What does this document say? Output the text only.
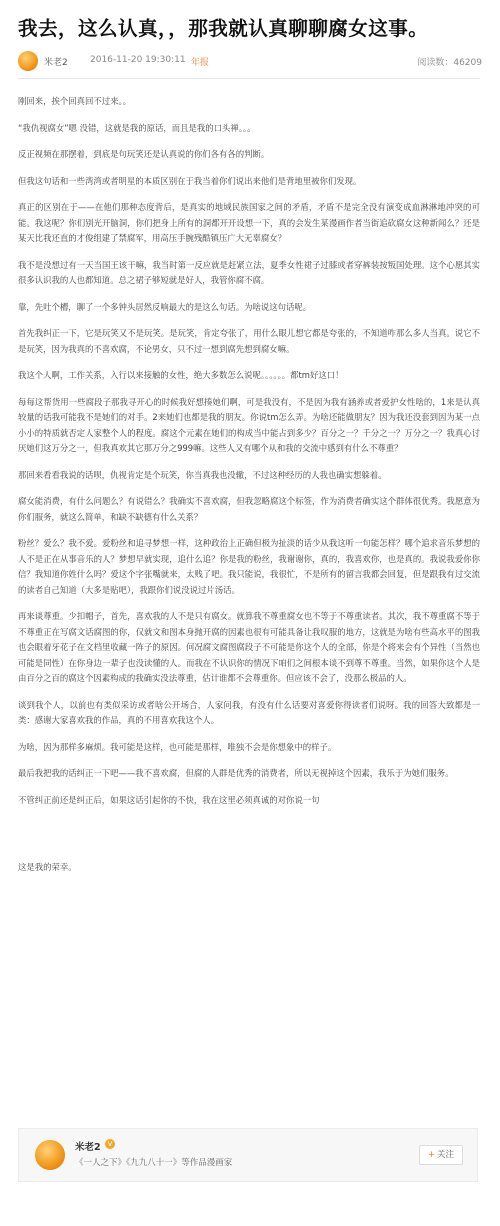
我去，这么认真，，那我就认真聊聊腐女这事。
米老2 2016-11-20 19:30:11 年报	阅读数：46209

刚回来，挨个回真回不过来。。

“我仇视腐女”嗯 没错，这就是我的原话，而且是我的口头禅。。。

反正视频在那摆着，到底是句玩笑还是认真说的你们各有各的判断。

但我这句话和一些湾湾或者明星的本质区别在于我当着你们说出来他们是背地里被你们发现。

真正的区别在于——在他们那种态度背后，是真实的地域民族国家之间的矛盾，矛盾不是完全没有演变成血淋淋地冲突的可能。我这呢？你们别光开脑洞，你们把身上所有的洞都开开设想一下，真的会发生某漫画作者当街追砍腐女这种新闻么？还是某天比我还直的才俊组建了禁腐军，用高压手腕残酷镇压广大无辜腐女？

我不是没想过有一天当国王该干嘛，我当时第一反应就是赶紧立法，夏季女性裙子过膝或者穿裤装按叛国处理。这个心愿其实很多认识我的人也都知道。总之裙子够短就是好人，我管你腐不腐。

靠，先吐个槽，聊了一个多钟头居然反响最大的是这么句话。为啥说这句话呢。

首先我纠正一下，它是玩笑又不是玩笑。是玩笑，肯定夸张了，用什么眼儿想它都是夸张的，不知道咋那么多人当真。说它不是玩笑，因为我真的不喜欢腐，不论男女，只不过一想到腐先想到腐女嘛。

我这个人啊，工作关系，入行以来接触的女性，绝大多数怎么说呢。。。。。。都tm好这口！

每每这帮货用一些腐段子那我寻开心的时候我好想揍她们啊，可是我没有，不是因为我有涵养或者爱护女性啥的，1来是认真较量的话我可能我不是她们的对手。2来她们也都是我的朋友。你说tm怎么弄。为啥还能做朋友？因为我还没套到因为某一点小小的特质就否定人家整个人的程度。腐这个元素在她们的构成当中能占到多少？百分之一？千分之一？万分之一？我真心讨厌她们这万分之一，但我真欢其它那万分之999嘛。这些人又有哪个从和我的交流中感到有什么不尊重？

那回来看看我说的话呗，仇视肯定是个玩笑，你当真我也没辙，不过这种经历的人我也确实想躲着。

腐女能消费，有什么问题么？有说错么？我确实不喜欢腐，但我忽略腐这个标签，作为消费者确实这个群体很优秀。我愿意为你们服务，就这么简单，和缺不缺德有什么关系？

粉丝？爱么？我不爱。爱粉丝和追寻梦想一样，这种政治上正确但极为扯淡的话少从我这听一句能怎样？哪个追求音乐梦想的人不是正在从事音乐的人？梦想早就实现，追什么追？你是我的粉丝，我谢谢你，真的，我喜欢你，也是真的。我说我爱你你信？我知道你姓什么吗？爱这个字张嘴就来，太贱了吧。我只能说，我很忙，不是所有的留言我都会回复，但是跟我有过交流的读者自己知道（大多是贴吧），我跟你们说没说过片汤话。

再来谈尊重。少扣帽子，首先，喜欢我的人不是只有腐女。就算我不尊重腐女也不等于不尊重读者。其次，我不尊重腐不等于不尊重正在写腐文话腐图的你，仅就文和图本身抛开腐的因素也很有可能具备让我叹服的地方，这就是为啥有些高水平的图我也会眼着牙花子在文档里收藏一阵子的原因。何况腐文腐图腐段子不可能是你这个人的全部，你是个将来会有个异性（当然也可能是同性）在你身边一辈子也没读懂的人。而我在不认识你的情况下咱们之间根本谈不到尊不尊重。当然，如果你这个人是由百分之百的腐这个因素构成的我确实没法尊重，估计谁都不会尊重你。但应该不会了，没那么极品的人。

谈到我个人，以前也有类似采访或者啥公开场合，人家问我，有没有什么话要对喜爱你得读者们说呀。我的回答大致都是一类：感谢大家喜欢我的作品，真的不用喜欢我这个人。

为啥，因为那样多麻烦。我可能是这样，也可能是那样，唯独不会是你想象中的样子。

最后我把我的话纠正一下吧——我不喜欢腐，但腐的人群是优秀的消费者，所以无视掉这个因素，我乐于为她们服务。

不管纠正前还是纠正后，如果这话引起你的不快，我在这里必须真诚的对你说一句

这是我的荣幸。

米老2 V
《一人之下》《九九八十一》等作品漫画家
+ 关注
